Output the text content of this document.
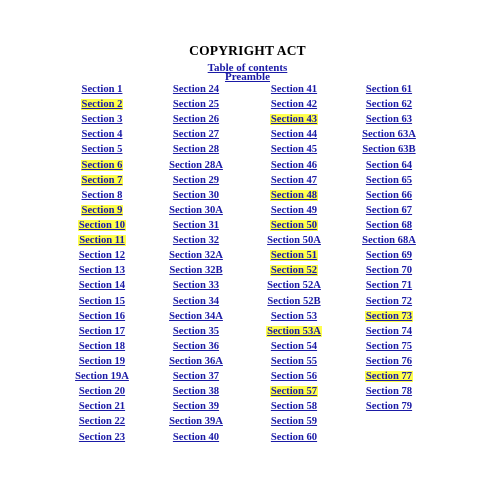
COPYRIGHT ACT
Table of contents
Preamble
Section 1
Section 2
Section 3
Section 4
Section 5
Section 6
Section 7
Section 8
Section 9
Section 10
Section 11
Section 12
Section 13
Section 14
Section 15
Section 16
Section 17
Section 18
Section 19
Section 19A
Section 20
Section 21
Section 22
Section 23
Section 24
Section 25
Section 26
Section 27
Section 28
Section 28A
Section 29
Section 30
Section 30A
Section 31
Section 32
Section 32A
Section 32B
Section 33
Section 34
Section 34A
Section 35
Section 36
Section 36A
Section 37
Section 38
Section 39
Section 39A
Section 40
Section 41
Section 42
Section 43
Section 44
Section 45
Section 46
Section 47
Section 48
Section 49
Section 50
Section 50A
Section 51
Section 52
Section 52A
Section 52B
Section 53
Section 53A
Section 54
Section 55
Section 56
Section 57
Section 58
Section 59
Section 60
Section 61
Section 62
Section 63
Section 63A
Section 63B
Section 64
Section 65
Section 66
Section 67
Section 68
Section 68A
Section 69
Section 70
Section 71
Section 72
Section 73
Section 74
Section 75
Section 76
Section 77
Section 78
Section 79
